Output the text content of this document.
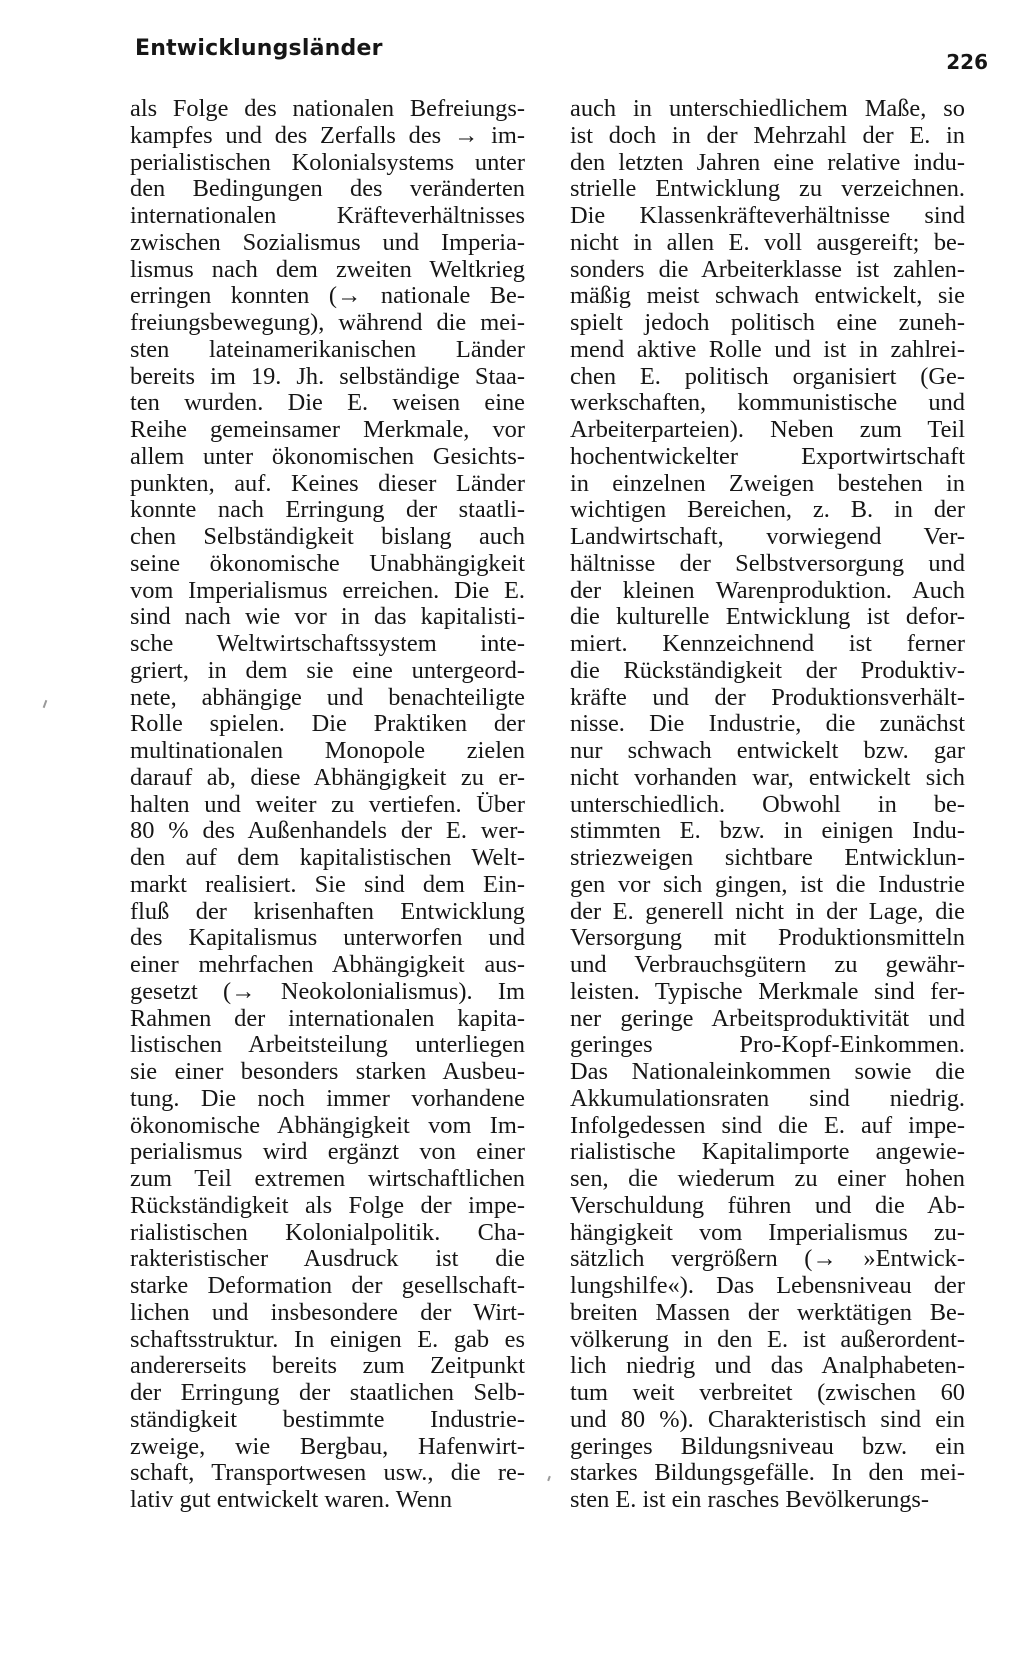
Entwicklungsländer
226
als Folge des nationalen Befreiungs-
kampfes und des Zerfalls des → im-
perialistischen Kolonialsystems unter
den Bedingungen des veränderten
internationalen Kräfteverhältnisses
zwischen Sozialismus und Imperia-
lismus nach dem zweiten Weltkrieg
erringen konnten (→ nationale Be-
freiungsbewegung), während die mei-
sten lateinamerikanischen Länder
bereits im 19. Jh. selbständige Staa-
ten wurden. Die E. weisen eine
Reihe gemeinsamer Merkmale, vor
allem unter ökonomischen Gesichts-
punkten, auf. Keines dieser Länder
konnte nach Erringung der staatli-
chen Selbständigkeit bislang auch
seine ökonomische Unabhängigkeit
vom Imperialismus erreichen. Die E.
sind nach wie vor in das kapitalisti-
sche Weltwirtschaftssystem inte-
griert, in dem sie eine untergeord-
nete, abhängige und benachteiligte
Rolle spielen. Die Praktiken der
multinationalen Monopole zielen
darauf ab, diese Abhängigkeit zu er-
halten und weiter zu vertiefen. Über
80 % des Außenhandels der E. wer-
den auf dem kapitalistischen Welt-
markt realisiert. Sie sind dem Ein-
fluß der krisenhaften Entwicklung
des Kapitalismus unterworfen und
einer mehrfachen Abhängigkeit aus-
gesetzt (→ Neokolonialismus). Im
Rahmen der internationalen kapita-
listischen Arbeitsteilung unterliegen
sie einer besonders starken Ausbeu-
tung. Die noch immer vorhandene
ökonomische Abhängigkeit vom Im-
perialismus wird ergänzt von einer
zum Teil extremen wirtschaftlichen
Rückständigkeit als Folge der impe-
rialistischen Kolonialpolitik. Cha-
rakteristischer Ausdruck ist die
starke Deformation der gesellschaft-
lichen und insbesondere der Wirt-
schaftsstruktur. In einigen E. gab es
andererseits bereits zum Zeitpunkt
der Erringung der staatlichen Selb-
ständigkeit bestimmte Industrie-
zweige, wie Bergbau, Hafenwirt-
schaft, Transportwesen usw., die re-
lativ gut entwickelt waren. Wenn
auch in unterschiedlichem Maße, so
ist doch in der Mehrzahl der E. in
den letzten Jahren eine relative indu-
strielle Entwicklung zu verzeichnen.
Die Klassenkräfteverhältnisse sind
nicht in allen E. voll ausgereift; be-
sonders die Arbeiterklasse ist zahlen-
mäßig meist schwach entwickelt, sie
spielt jedoch politisch eine zuneh-
mend aktive Rolle und ist in zahlrei-
chen E. politisch organisiert (Ge-
werkschaften, kommunistische und
Arbeiterparteien). Neben zum Teil
hochentwickelter Exportwirtschaft
in einzelnen Zweigen bestehen in
wichtigen Bereichen, z. B. in der
Landwirtschaft, vorwiegend Ver-
hältnisse der Selbstversorgung und
der kleinen Warenproduktion. Auch
die kulturelle Entwicklung ist defor-
miert. Kennzeichnend ist ferner
die Rückständigkeit der Produktiv-
kräfte und der Produktionsverhält-
nisse. Die Industrie, die zunächst
nur schwach entwickelt bzw. gar
nicht vorhanden war, entwickelt sich
unterschiedlich. Obwohl in be-
stimmten E. bzw. in einigen Indu-
striezweigen sichtbare Entwicklun-
gen vor sich gingen, ist die Industrie
der E. generell nicht in der Lage, die
Versorgung mit Produktionsmitteln
und Verbrauchsgütern zu gewähr-
leisten. Typische Merkmale sind fer-
ner geringe Arbeitsproduktivität und
geringes Pro-Kopf-Einkommen.
Das Nationaleinkommen sowie die
Akkumulationsraten sind niedrig.
Infolgedessen sind die E. auf impe-
rialistische Kapitalimporte angewie-
sen, die wiederum zu einer hohen
Verschuldung führen und die Ab-
hängigkeit vom Imperialismus zu-
sätzlich vergrößern (→ »Entwick-
lungshilfe«). Das Lebensniveau der
breiten Massen der werktätigen Be-
völkerung in den E. ist außerordent-
lich niedrig und das Analphabeten-
tum weit verbreitet (zwischen 60
und 80 %). Charakteristisch sind ein
geringes Bildungsniveau bzw. ein
starkes Bildungsgefälle. In den mei-
sten E. ist ein rasches Bevölkerungs-
